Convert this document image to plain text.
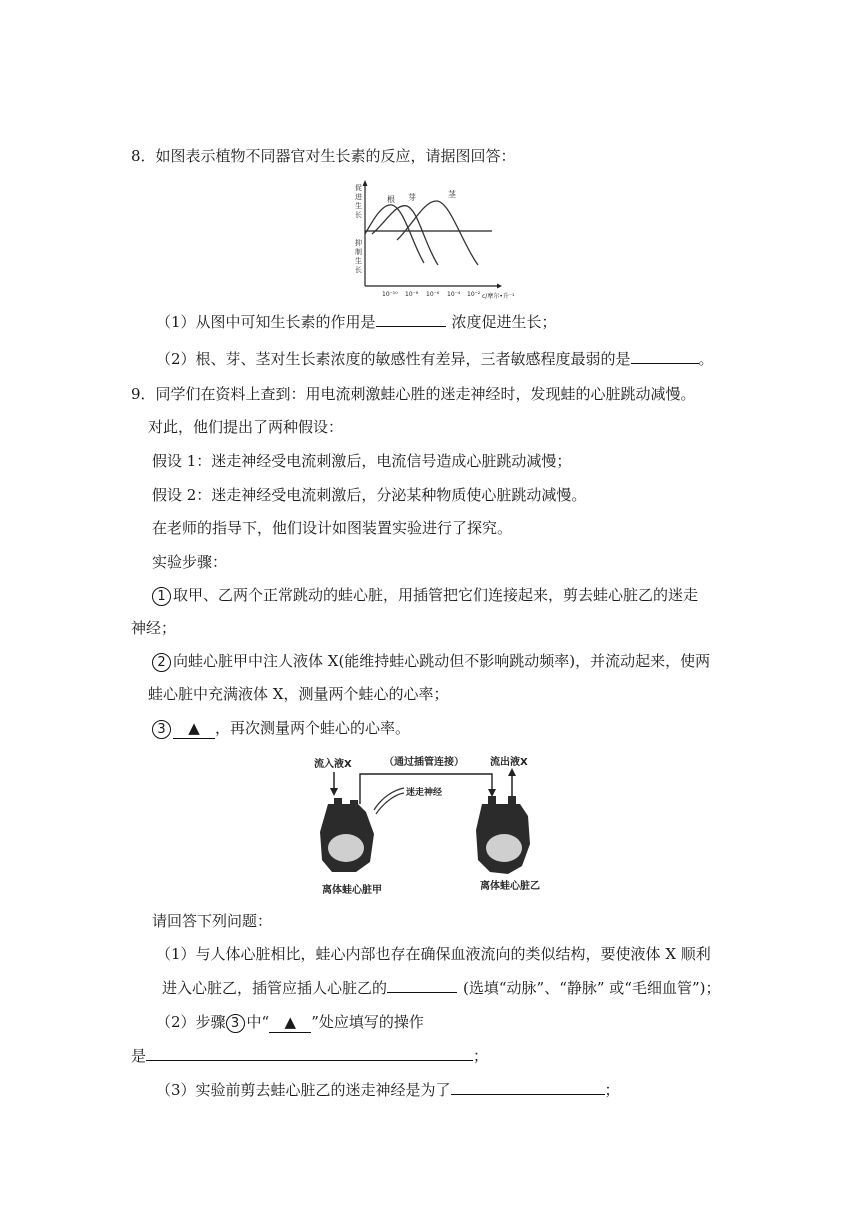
8．如图表示植物不同器官对生长素的反应，请据图回答：
根 芽	茎
促
进
生
长
抑
制
生
长
10⁻¹⁰ 10⁻⁸ 10⁻⁶ 10⁻⁴ 10⁻² c/摩尔•升⁻¹
（1）从图中可知生长素的作用是	浓度促进生长；
（2）根、芽、茎对生长素浓度的敏感性有差异，三者敏感程度最弱的是	。
9．同学们在资料上查到：用电流刺激蛙心胜的迷走神经时，发现蛙的心脏跳动减慢。
对此，他们提出了两种假设：
假设 1：迷走神经受电流刺激后，电流信号造成心脏跳动减慢；
假设 2：迷走神经受电流刺激后，分泌某种物质使心脏跳动减慢。
在老师的指导下，他们设计如图装置实验进行了探究。
实验步骤：
1 取甲、乙两个正常跳动的蛙心脏，用插管把它们连接起来，剪去蛙心脏乙的迷走
神经；
2 向蛙心脏甲中注人液体 X(能维持蛙心跳动但不影响跳动频率)，并流动起来，使两
蛙心脏中充满液体 X，测量两个蛙心的心率；
3 ▲ ，再次测量两个蛙心的心率。
流入液X	（通过插管连接）	流出液X
迷走神经
离体蛙心脏甲	离体蛙心脏乙
请回答下列问题：
（1）与人体心脏相比，蛙心内部也存在确保血液流向的类似结构，要使液体 X 顺利
进入心脏乙，插管应插人心脏乙的	(选填“动脉”、“静脉” 或“毛细血管”)；
（2）步骤 3 中“ ▲ ”处应填写的操作
是	；
（3）实验前剪去蛙心脏乙的迷走神经是为了	；
